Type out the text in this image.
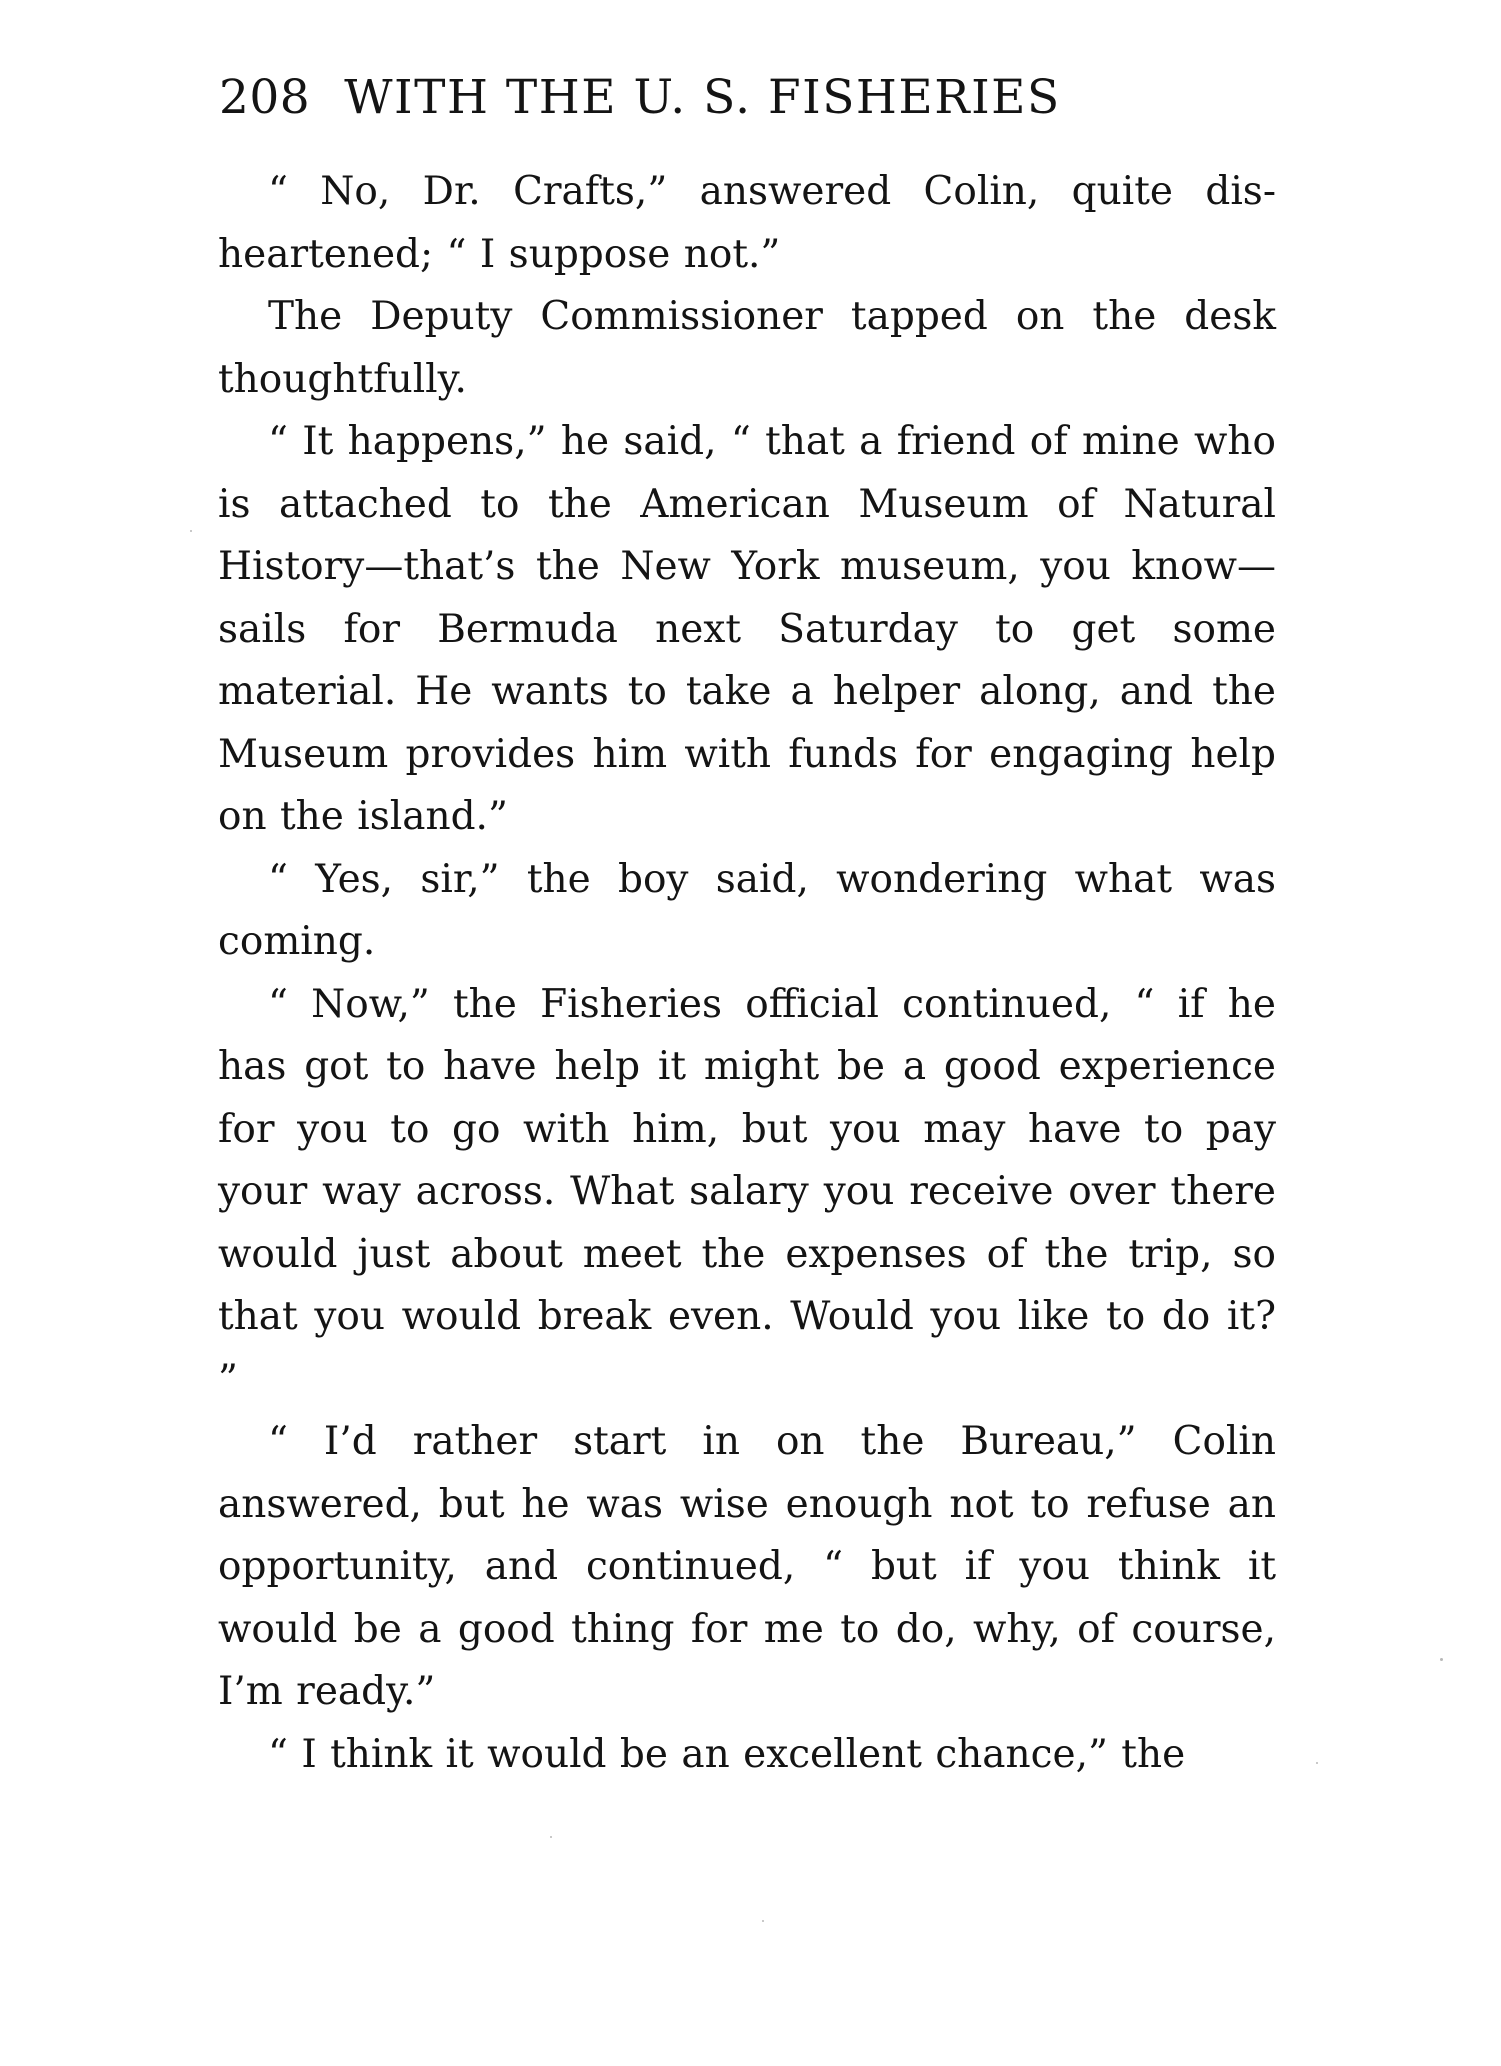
208 WITH THE U. S. FISHERIES

“ No, Dr. Crafts,” answered Colin, quite disheartened; “ I suppose not.”

The Deputy Commissioner tapped on the desk thoughtfully.

“ It happens,” he said, “ that a friend of mine who is attached to the American Museum of Natural History—that’s the New York museum, you know—sails for Bermuda next Saturday to get some material. He wants to take a helper along, and the Museum provides him with funds for engaging help on the island.”

“ Yes, sir,” the boy said, wondering what was coming.

“ Now,” the Fisheries official continued, “ if he has got to have help it might be a good experience for you to go with him, but you may have to pay your way across. What salary you receive over there would just about meet the expenses of the trip, so that you would break even. Would you like to do it? ”

“ I’d rather start in on the Bureau,” Colin answered, but he was wise enough not to refuse an opportunity, and continued, “ but if you think it would be a good thing for me to do, why, of course, I’m ready.”

“ I think it would be an excellent chance,” the
